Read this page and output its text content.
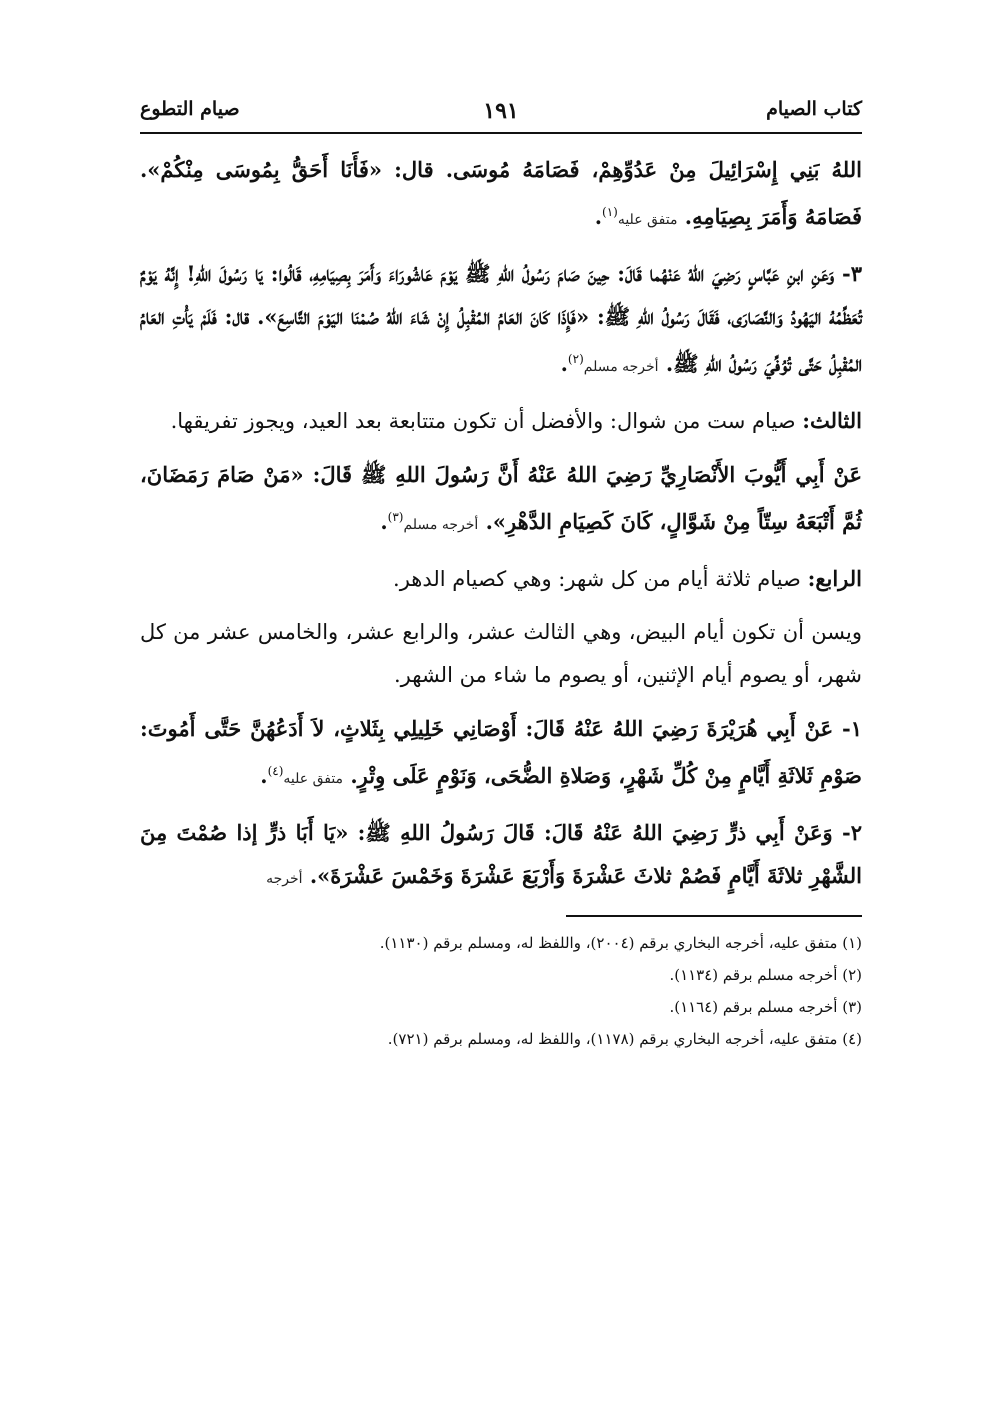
كتاب الصيام
١٩١
صيام التطوع

اللهُ بَنِي إِسْرَائِيلَ مِنْ عَدُوِّهِمْ، فَصَامَهُ مُوسَى. قال: «فَأَنَا أَحَقُّ بِمُوسَى مِنْكُمْ». فَصَامَهُ وَأَمَرَ بِصِيَامِهِ. متفق عليه$^{(١)}$.

٣- وَعَنِ ابنِ عَبَّاسٍ رَضِيَ اللهُ عَنْهُما قَالَ: حِينَ صَامَ رَسُولُ اللهِ ﷺ يَوْمَ عَاشُورَاءَ وَأَمَرَ بِصِيَامِهِ، قَالُوا: يَا رَسُولَ اللهِ! إِنَّهُ يَوْمٌ تُعَظِّمُهُ اليَهُودُ وَالنَّصَارَى، فَقَالَ رَسُولُ اللهِ ﷺ: «فَإِذَا كَانَ العَامُ المُقْبِلُ إِنْ شَاءَ اللهُ صُمْنَا اليَوْمَ التَّاسِعَ». قال: فَلَمْ يَأْتِ العَامُ المُقْبِلُ حَتَّى تُوُفِّيَ رَسُولُ اللهِ ﷺ. أخرجه مسلم$^{(٢)}$.

الثالث: صيام ست من شوال: والأفضل أن تكون متتابعة بعد العيد، ويجوز تفريقها.

عَنْ أَبِي أَيُّوبَ الأَنْصَارِيِّ رَضِيَ اللهُ عَنْهُ أَنَّ رَسُولَ اللهِ ﷺ قَالَ: «مَنْ صَامَ رَمَضَانَ، ثُمَّ أَتْبَعَهُ سِتّاً مِنْ شَوَّالٍ، كَانَ كَصِيَامِ الدَّهْرِ». أخرجه مسلم$^{(٣)}$.

الرابع: صيام ثلاثة أيام من كل شهر: وهي كصيام الدهر.

ويسن أن تكون أيام البيض، وهي الثالث عشر، والرابع عشر، والخامس عشر من كل شهر، أو يصوم أيام الإثنين، أو يصوم ما شاء من الشهر.

١- عَنْ أَبِي هُرَيْرَةَ رَضِيَ اللهُ عَنْهُ قَالَ: أَوْصَانِي خَلِيلِي بِثَلاثٍ، لاَ أَدَعُهُنَّ حَتَّى أَمُوتَ: صَوْمِ ثَلاثَةِ أَيَّامٍ مِنْ كُلِّ شَهْرٍ، وَصَلاةِ الضُّحَى، وَنَوْمٍ عَلَى وِتْرٍ. متفق عليه$^{(٤)}$.

٢- وَعَنْ أَبِي ذرٍّ رَضِيَ اللهُ عَنْهُ قَالَ: قَالَ رَسُولُ اللهِ ﷺ: «يَا أَبَا ذرٍّ إذا صُمْتَ مِنَ الشَّهْرِ ثلاثَةَ أَيَّامٍ فَصُمْ ثلاثَ عَشْرَةَ وَأَرْبَعَ عَشْرَةَ وَخَمْسَ عَشْرَةَ». أخرجه

(١) متفق عليه، أخرجه البخاري برقم (٢٠٠٤)، واللفظ له، ومسلم برقم (١١٣٠).

(٢) أخرجه مسلم برقم (١١٣٤).

(٣) أخرجه مسلم برقم (١١٦٤).

(٤) متفق عليه، أخرجه البخاري برقم (١١٧٨)، واللفظ له، ومسلم برقم (٧٢١).
